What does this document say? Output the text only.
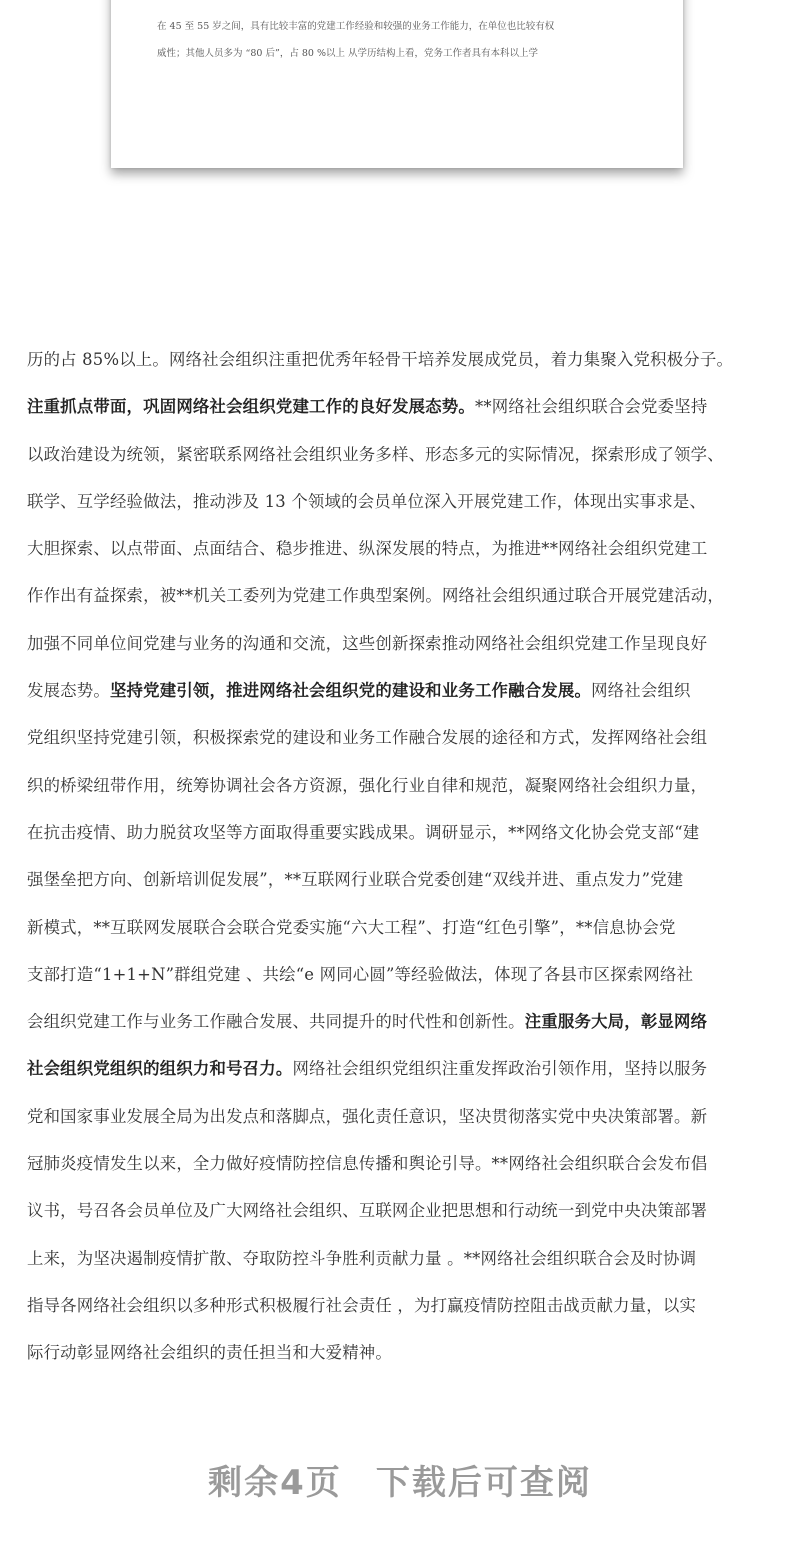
在 45 至 55 岁之间，具有比较丰富的党建工作经验和较强的业务工作能力，在单位也比较有权
威性；其他人员多为 “80 后”，占 80 %以上 从学历结构上看，党务工作者具有本科以上学
历的占 85%以上。网络社会组织注重把优秀年轻骨干培养发展成党员，着力集聚入党积极分子。
注重抓点带面，巩固网络社会组织党建工作的良好发展态势。**网络社会组织联合会党委坚持
以政治建设为统领，紧密联系网络社会组织业务多样、形态多元的实际情况，探索形成了领学、
联学、互学经验做法，推动涉及 13 个领域的会员单位深入开展党建工作，体现出实事求是、
大胆探索、以点带面、点面结合、稳步推进、纵深发展的特点，为推进**网络社会组织党建工
作作出有益探索，被**机关工委列为党建工作典型案例。网络社会组织通过联合开展党建活动，
加强不同单位间党建与业务的沟通和交流，这些创新探索推动网络社会组织党建工作呈现良好
发展态势。坚持党建引领，推进网络社会组织党的建设和业务工作融合发展。网络社会组织
党组织坚持党建引领，积极探索党的建设和业务工作融合发展的途径和方式，发挥网络社会组
织的桥梁纽带作用，统筹协调社会各方资源，强化行业自律和规范，凝聚网络社会组织力量，
在抗击疫情、助力脱贫攻坚等方面取得重要实践成果。调研显示，**网络文化协会党支部“建
强堡垒把方向、创新培训促发展”，**互联网行业联合党委创建“双线并进、重点发力”党建
新模式，**互联网发展联合会联合党委实施“六大工程”、打造“红色引擎”，**信息协会党
支部打造“1+1+N”群组党建 、共绘“e 网同心圆”等经验做法，体现了各县市区探索网络社
会组织党建工作与业务工作融合发展、共同提升的时代性和创新性。注重服务大局，彰显网络
社会组织党组织的组织力和号召力。网络社会组织党组织注重发挥政治引领作用，坚持以服务
党和国家事业发展全局为出发点和落脚点，强化责任意识，坚决贯彻落实党中央决策部署。新
冠肺炎疫情发生以来，全力做好疫情防控信息传播和舆论引导。**网络社会组织联合会发布倡
议书，号召各会员单位及广大网络社会组织、互联网企业把思想和行动统一到党中央决策部署
上来，为坚决遏制疫情扩散、夺取防控斗争胜利贡献力量 。**网络社会组织联合会及时协调
指导各网络社会组织以多种形式积极履行社会责任 ，为打赢疫情防控阻击战贡献力量，以实
际行动彰显网络社会组织的责任担当和大爱精神。
剩余4页 下载后可查阅
